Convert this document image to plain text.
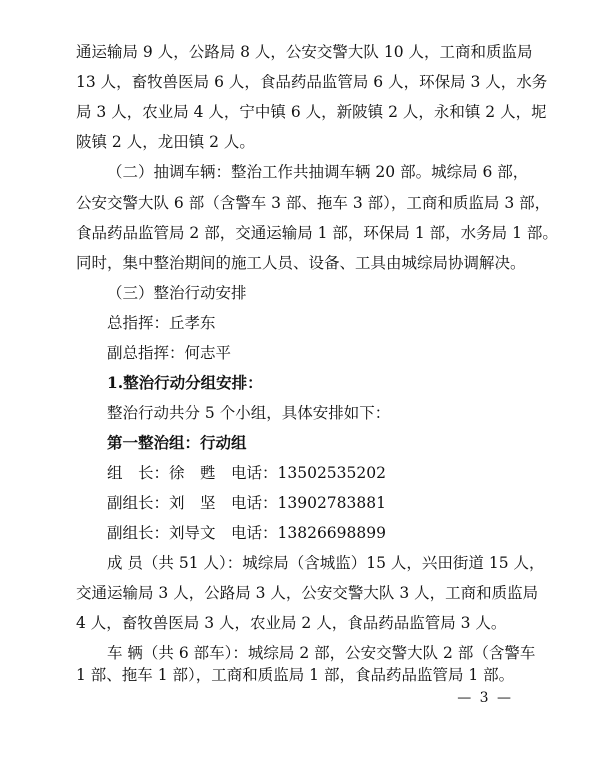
通运输局 9 人，公路局 8 人，公安交警大队 10 人，工商和质监局
13 人，畜牧兽医局 6 人，食品药品监管局 6 人，环保局 3 人，水务
局 3 人，农业局 4 人，宁中镇 6 人，新陂镇 2 人，永和镇 2 人，坭
陂镇 2 人，龙田镇 2 人。
（二）抽调车辆：整治工作共抽调车辆 20 部。城综局 6 部，
公安交警大队 6 部（含警车 3 部、拖车 3 部），工商和质监局 3 部，
食品药品监管局 2 部，交通运输局 1 部，环保局 1 部，水务局 1 部。
同时，集中整治期间的施工人员、设备、工具由城综局协调解决。
（三）整治行动安排
总指挥：丘孝东
副总指挥：何志平
1.整治行动分组安排：
整治行动共分 5 个小组，具体安排如下：
第一整治组：行动组
组　长：徐　甦　电话：13502535202
副组长：刘　坚　电话：13902783881
副组长：刘导文　电话：13826698899
成 员（共 51 人）：城综局（含城监）15 人，兴田街道 15 人，
交通运输局 3 人，公路局 3 人，公安交警大队 3 人，工商和质监局
4 人，畜牧兽医局 3 人，农业局 2 人，食品药品监管局 3 人。
车 辆（共 6 部车）：城综局 2 部，公安交警大队 2 部（含警车
1 部、拖车 1 部），工商和质监局 1 部，食品药品监管局 1 部。
— 3 —
